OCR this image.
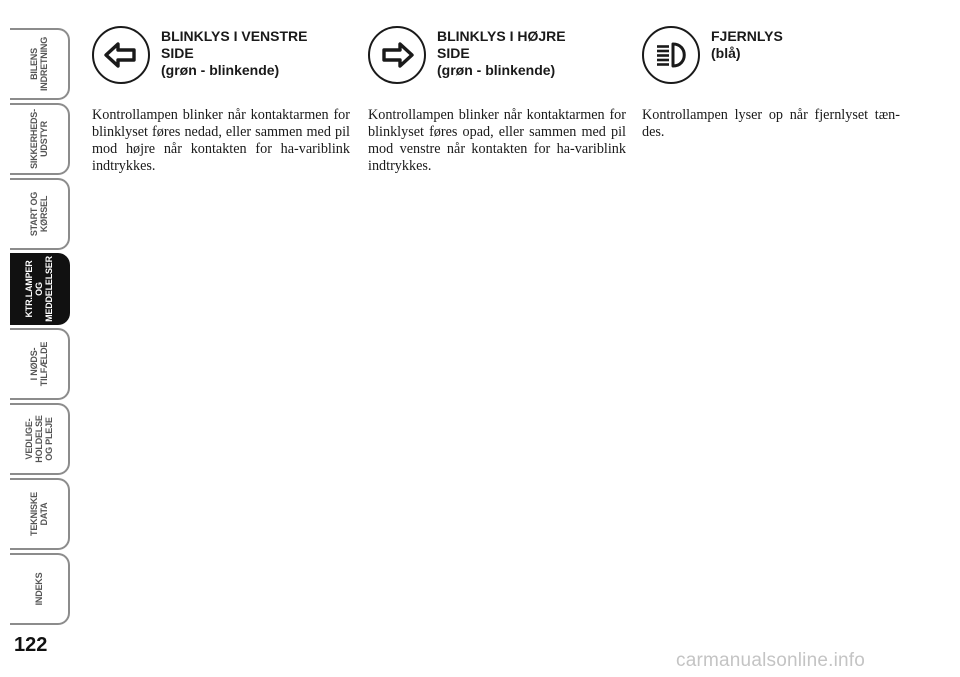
BILENS
INDRETNING
SIKKERHEDS-
UDSTYR
START OG
KØRSEL
KTR.LAMPER
OG
MEDDELELSER
I NØDS-
TILFÆLDE
VEDLIGE-
HOLDELSE
OG PLEJE
TEKNISKE
DATA
INDEKS
122
BLINKLYS I VENSTRE
SIDE
(grøn - blinkende)
Kontrollampen blinker når kontaktarmen for blinklyset føres nedad, eller sammen med pil mod højre når kontakten for ha-variblink indtrykkes.
BLINKLYS I HØJRE
SIDE
(grøn - blinkende)
Kontrollampen blinker når kontaktarmen for blinklyset føres opad, eller sammen med pil mod venstre når kontakten for ha-variblink indtrykkes.
FJERNLYS
(blå)
Kontrollampen lyser op når fjernlyset tæn-des.
carmanualsonline.info
